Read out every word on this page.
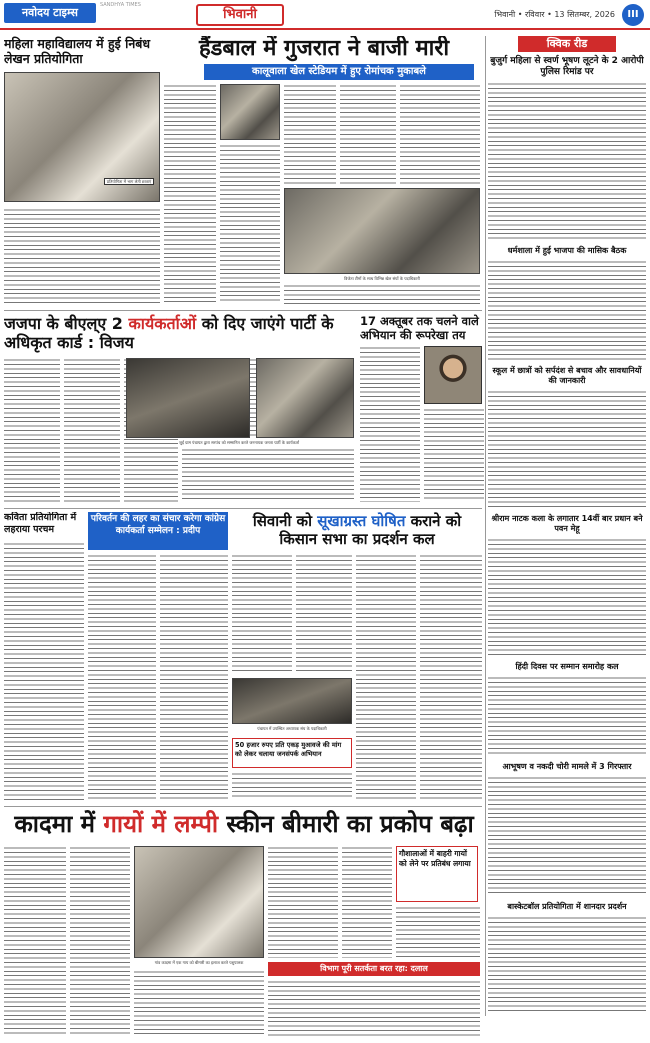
नवोदय टाइम्स
SANDHYA TIMES
भिवानी	भिवानी • रविवार • 13 सितम्बर, 2026	III
महिला महाविद्यालय में हुई निबंध लेखन प्रतियोगिता
प्रतियोगिता में भाग लेती छात्राएं
हैंडबाल में गुजरात ने बाजी मारी
कालूवाला खेल स्टेडियम में हुए रोमांचक मुकाबले
विजेता टीमों के साथ विभिन्न खेल संघों के पदाधिकारी
क्विक रीड
बुजुर्ग महिला से स्वर्ण भूषण लूटने के 2 आरोपी पुलिस रिमांड पर
धर्मशाला में हुई भाजपा की मासिक बैठक
स्कूल में छात्रों को सर्पदंश से बचाव और सावधानियों की जानकारी
श्रीराम नाटक कला के लगातार 14वीं बार प्रधान बने पवन मेहू
हिंदी दिवस पर सम्मान समारोह कल
आभूषण व नकदी चोरी मामले में 3 गिरफ्तार
बास्केटबॉल प्रतियोगिता में शानदार प्रदर्शन
जजपा के बीएल्ए 2 कार्यकर्ताओं को दिए जाएंगे पार्टी के अधिकृत कार्ड : विजय
जुई ग्राम पंचायत द्वारा सरपंच को सम्मानित करते जननायक जनता पार्टी के कार्यकर्ता
17 अक्तूबर तक चलने वाले अभियान की रूपरेखा तय
कविता प्रतियोगिता में लहराया परचम
परिवर्तन की लहर का संचार करेगा कांग्रेस कार्यकर्ता सम्मेलन : प्रदीप
सिवानी को सूखाग्रस्त घोषित कराने को किसान सभा का प्रदर्शन कल
पंचायत में उपस्थित अध्यापक संघ के पदाधिकारी
50 हजार रुपए प्रति एकड़ मुआवजे की मांग को लेकर चलाया जनसंपर्क अभियान
कादमा में गायों में लम्पी स्कीन बीमारी का प्रकोप बढ़ा
गांव कादमा में एक गाय को बीमारी का इलाज करते पशुपालक
गौशालाओं में बाहरी गायों को लेने पर प्रतिबंध लगाया
विभाग पूरी सतर्कता बरत रहा: दलाल
